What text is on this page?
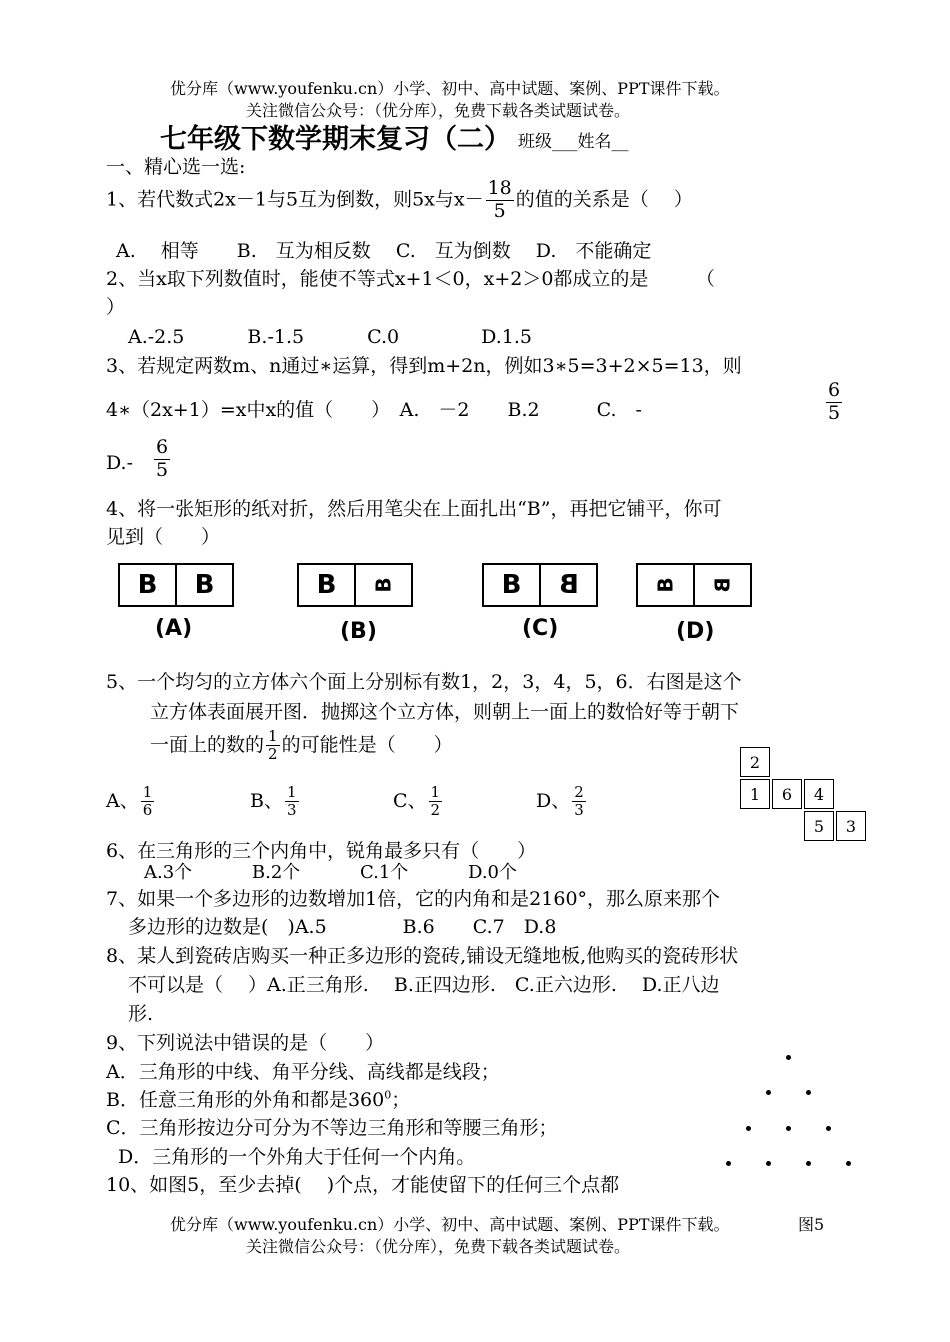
优分库（www.youfenku.cn）小学、初中、高中试题、案例、PPT课件下载。
关注微信公众号：（优分库），免费下载各类试题试卷。
七年级下数学期末复习（二） 班级___姓名__
一、精心选一选:
1、若代数式2x－1与5互为倒数，则5x与$x- \frac{18}{5}$ 的值的关系是（　 ）
A.　 相等　　B.　互为相反数　 C.　互为倒数　 D.　不能确定
2、当x取下列数值时，能使不等式x+1＜0，x+2＞0都成立的是　　　（
）
A.-2.5　　　 B.-1.5　　　 C.0　　　　 D.1.5
3、若规定两数m、n通过∗运算，得到m+2n，例如3∗5=3+2×5=13，则
4∗（2x+1）=x中x的值（　　）　A.　－2　　B.2　　　C.　-	$\frac{6}{5}$
$D.- \frac{6}{5}$
4、将一张矩形的纸对折，然后用笔尖在上面扎出“B”，再把它铺平，你可
见到（　　）
B	B	B	B	B	B	B B
(A)	(B)	(C)	(D)
5、一个均匀的立方体六个面上分别标有数1，2，3，4，5，6．右图是这个
立方体表面展开图．抛掷这个立方体，则朝上一面上的数恰好等于朝下
一面上的数的 $\frac{1}{2}$ 的可能性是（　　）
A、 $\frac{1}{6}$	B、 $\frac{1}{3}$	C、 $\frac{1}{2}$	D、 $\frac{2}{3}$
2
1	6	4
5	3
6、在三角形的三个内角中，锐角最多只有（　　）
A.3个　　　 B.2个　　　 C.1个　　　 D.0个
7、如果一个多边形的边数增加1倍，它的内角和是2160°，那么原来那个
多边形的边数是(　)A.5　　　　B.6　　C.7　D.8
8、某人到瓷砖店购买一种正多边形的瓷砖,铺设无缝地板,他购买的瓷砖形状
不可以是（　 ）A.正三角形.　 B.正四边形.　C.正六边形.　 D.正八边
形.
9、下列说法中错误的是（　　）
A．三角形的中线、角平分线、高线都是线段；
B．任意三角形的外角和都是$360^0$；
C．三角形按边分可分为不等边三角形和等腰三角形；
D．三角形的一个外角大于任何一个内角。
10、如图5，至少去掉(　 )个点，才能使留下的任何三个点都
优分库（www.youfenku.cn）小学、初中、高中试题、案例、PPT课件下载。	图5
关注微信公众号：（优分库），免费下载各类试题试卷。
